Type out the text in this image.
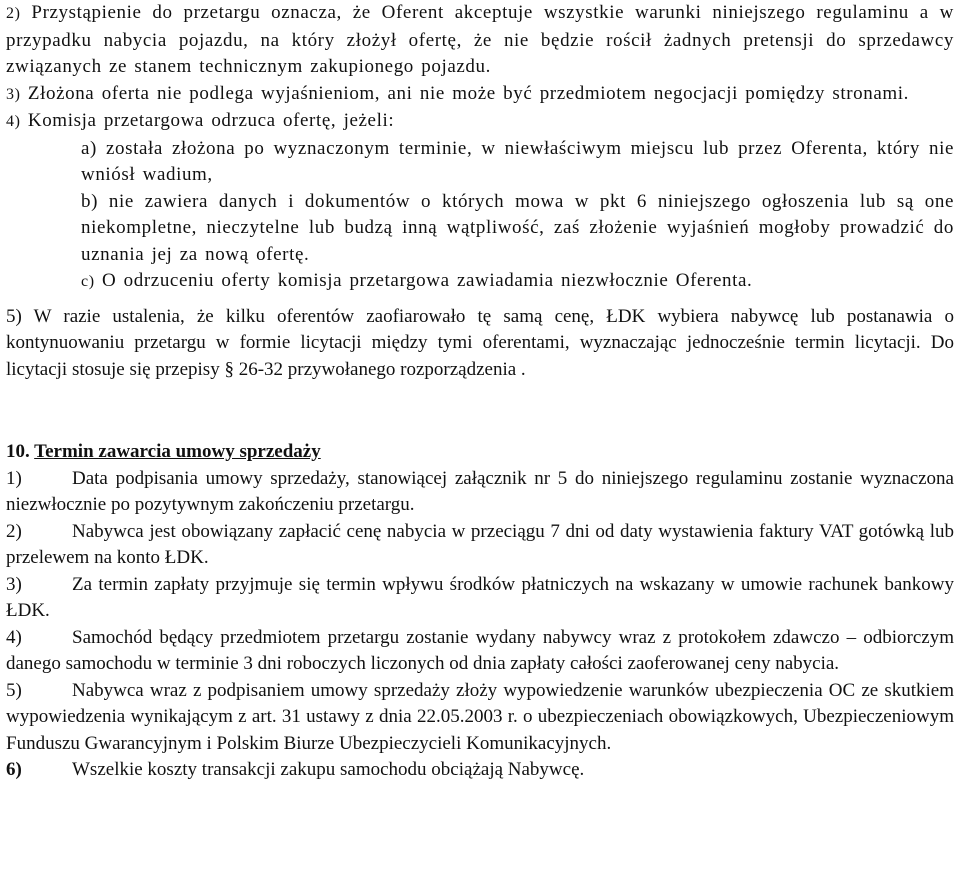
2) Przystąpienie do przetargu oznacza, że Oferent akceptuje wszystkie warunki niniejszego regulaminu a w przypadku nabycia pojazdu, na który złożył ofertę, że nie będzie rościł żadnych pretensji do sprzedawcy związanych ze stanem technicznym zakupionego pojazdu.

3) Złożona oferta nie podlega wyjaśnieniom, ani nie może być przedmiotem negocjacji pomiędzy stronami.

4) Komisja przetargowa odrzuca ofertę, jeżeli:

a) została złożona po wyznaczonym terminie, w niewłaściwym miejscu lub przez Oferenta, który nie wniósł wadium,

b) nie zawiera danych i dokumentów o których mowa w pkt 6 niniejszego ogłoszenia lub są one niekompletne, nieczytelne lub budzą inną wątpliwość, zaś złożenie wyjaśnień mogłoby prowadzić do uznania jej za nową ofertę.

c) O odrzuceniu oferty komisja przetargowa zawiadamia niezwłocznie Oferenta.

5) W razie ustalenia, że kilku oferentów zaofiarowało tę samą cenę, ŁDK wybiera nabywcę lub postanawia o kontynuowaniu przetargu w formie licytacji między tymi oferentami, wyznaczając jednocześnie termin licytacji. Do licytacji stosuje się przepisy § 26-32 przywołanego rozporządzenia .

10. Termin zawarcia umowy sprzedaży

1)	Data podpisania umowy sprzedaży, stanowiącej załącznik nr 5 do niniejszego regulaminu zostanie wyznaczona niezwłocznie po pozytywnym zakończeniu przetargu.

2)	Nabywca jest obowiązany zapłacić cenę nabycia w przeciągu 7 dni od daty wystawienia faktury VAT gotówką lub przelewem na konto ŁDK.

3)	Za termin zapłaty przyjmuje się termin wpływu środków płatniczych na wskazany w umowie rachunek bankowy ŁDK.

4)	Samochód będący przedmiotem przetargu zostanie wydany nabywcy wraz z protokołem zdawczo – odbiorczym danego samochodu w terminie 3 dni roboczych liczonych od dnia zapłaty całości zaoferowanej ceny nabycia.

5)	Nabywca wraz z podpisaniem umowy sprzedaży złoży wypowiedzenie warunków ubezpieczenia OC ze skutkiem wypowiedzenia wynikającym z art. 31 ustawy z dnia 22.05.2003 r. o ubezpieczeniach obowiązkowych, Ubezpieczeniowym Funduszu Gwarancyjnym i Polskim Biurze Ubezpieczycieli Komunikacyjnych.

6)	Wszelkie koszty transakcji zakupu samochodu obciążają Nabywcę.
